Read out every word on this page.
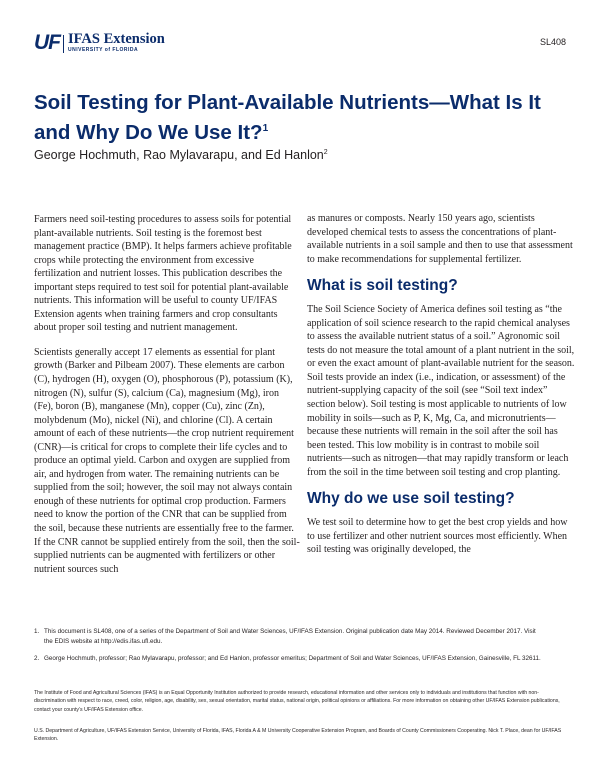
UF IFAS Extension
UNIVERSITY of FLORIDA
SL408
Soil Testing for Plant-Available Nutrients—What Is It and Why Do We Use It?$^1$
George Hochmuth, Rao Mylavarapu, and Ed Hanlon$^2$

Farmers need soil-testing procedures to assess soils for potential plant-available nutrients. Soil testing is the foremost best management practice (BMP). It helps farmers achieve profitable crops while protecting the environment from excessive fertilization and nutrient losses. This publication describes the important steps required to test soil for potential plant-available nutrients. This information will be useful to county UF/IFAS Extension agents when training farmers and crop consultants about proper soil testing and nutrient management.

Scientists generally accept 17 elements as essential for plant growth (Barker and Pilbeam 2007). These elements are carbon (C), hydrogen (H), oxygen (O), phosphorous (P), potassium (K), nitrogen (N), sulfur (S), calcium (Ca), magnesium (Mg), iron (Fe), boron (B), manganese (Mn), copper (Cu), zinc (Zn), molybdenum (Mo), nickel (Ni), and chlorine (Cl). A certain amount of each of these nutrients—the crop nutrient requirement (CNR)—is critical for crops to complete their life cycles and to produce an optimal yield. Carbon and oxygen are supplied from air, and hydrogen from water. The remaining nutrients can be supplied from the soil; however, the soil may not always contain enough of these nutrients for optimal crop production. Farmers need to know the portion of the CNR that can be supplied from the soil, because these nutrients are essentially free to the farmer. If the CNR cannot be supplied entirely from the soil, then the soil-supplied nutrients can be augmented with fertilizers or other nutrient sources such

as manures or composts. Nearly 150 years ago, scientists developed chemical tests to assess the concentrations of plant-available nutrients in a soil sample and then to use that assessment to make recommendations for supplemental fertilizer.

What is soil testing?

The Soil Science Society of America defines soil testing as “the application of soil science research to the rapid chemical analyses to assess the available nutrient status of a soil.” Agronomic soil tests do not measure the total amount of a plant nutrient in the soil, or even the exact amount of plant-available nutrient for the season. Soil tests provide an index (i.e., indication, or assessment) of the nutrient-supplying capacity of the soil (see “Soil text index” section below). Soil testing is most applicable to nutrients of low mobility in soils—such as P, K, Mg, Ca, and micronutrients—because these nutrients will remain in the soil after the soil has been tested. This low mobility is in contrast to mobile soil nutrients—such as nitrogen—that may rapidly transform or leach from the soil in the time between soil testing and crop planting.

Why do we use soil testing?

We test soil to determine how to get the best crop yields and how to use fertilizer and other nutrient sources most efficiently. When soil testing was originally developed, the

1. This document is SL408, one of a series of the Department of Soil and Water Sciences, UF/IFAS Extension. Original publication date May 2014. Reviewed December 2017. Visit the EDIS website at http://edis.ifas.ufl.edu.
2. George Hochmuth, professor; Rao Mylavarapu, professor; and Ed Hanlon, professor emeritus; Department of Soil and Water Sciences, UF/IFAS Extension, Gainesville, FL 32611.

The Institute of Food and Agricultural Sciences (IFAS) is an Equal Opportunity Institution authorized to provide research, educational information and other services only to individuals and institutions that function with non-discrimination with respect to race, creed, color, religion, age, disability, sex, sexual orientation, marital status, national origin, political opinions or affiliations. For more information on obtaining other UF/IFAS Extension publications, contact your county’s UF/IFAS Extension office.

U.S. Department of Agriculture, UF/IFAS Extension Service, University of Florida, IFAS, Florida A & M University Cooperative Extension Program, and Boards of County Commissioners Cooperating. Nick T. Place, dean for UF/IFAS Extension.
